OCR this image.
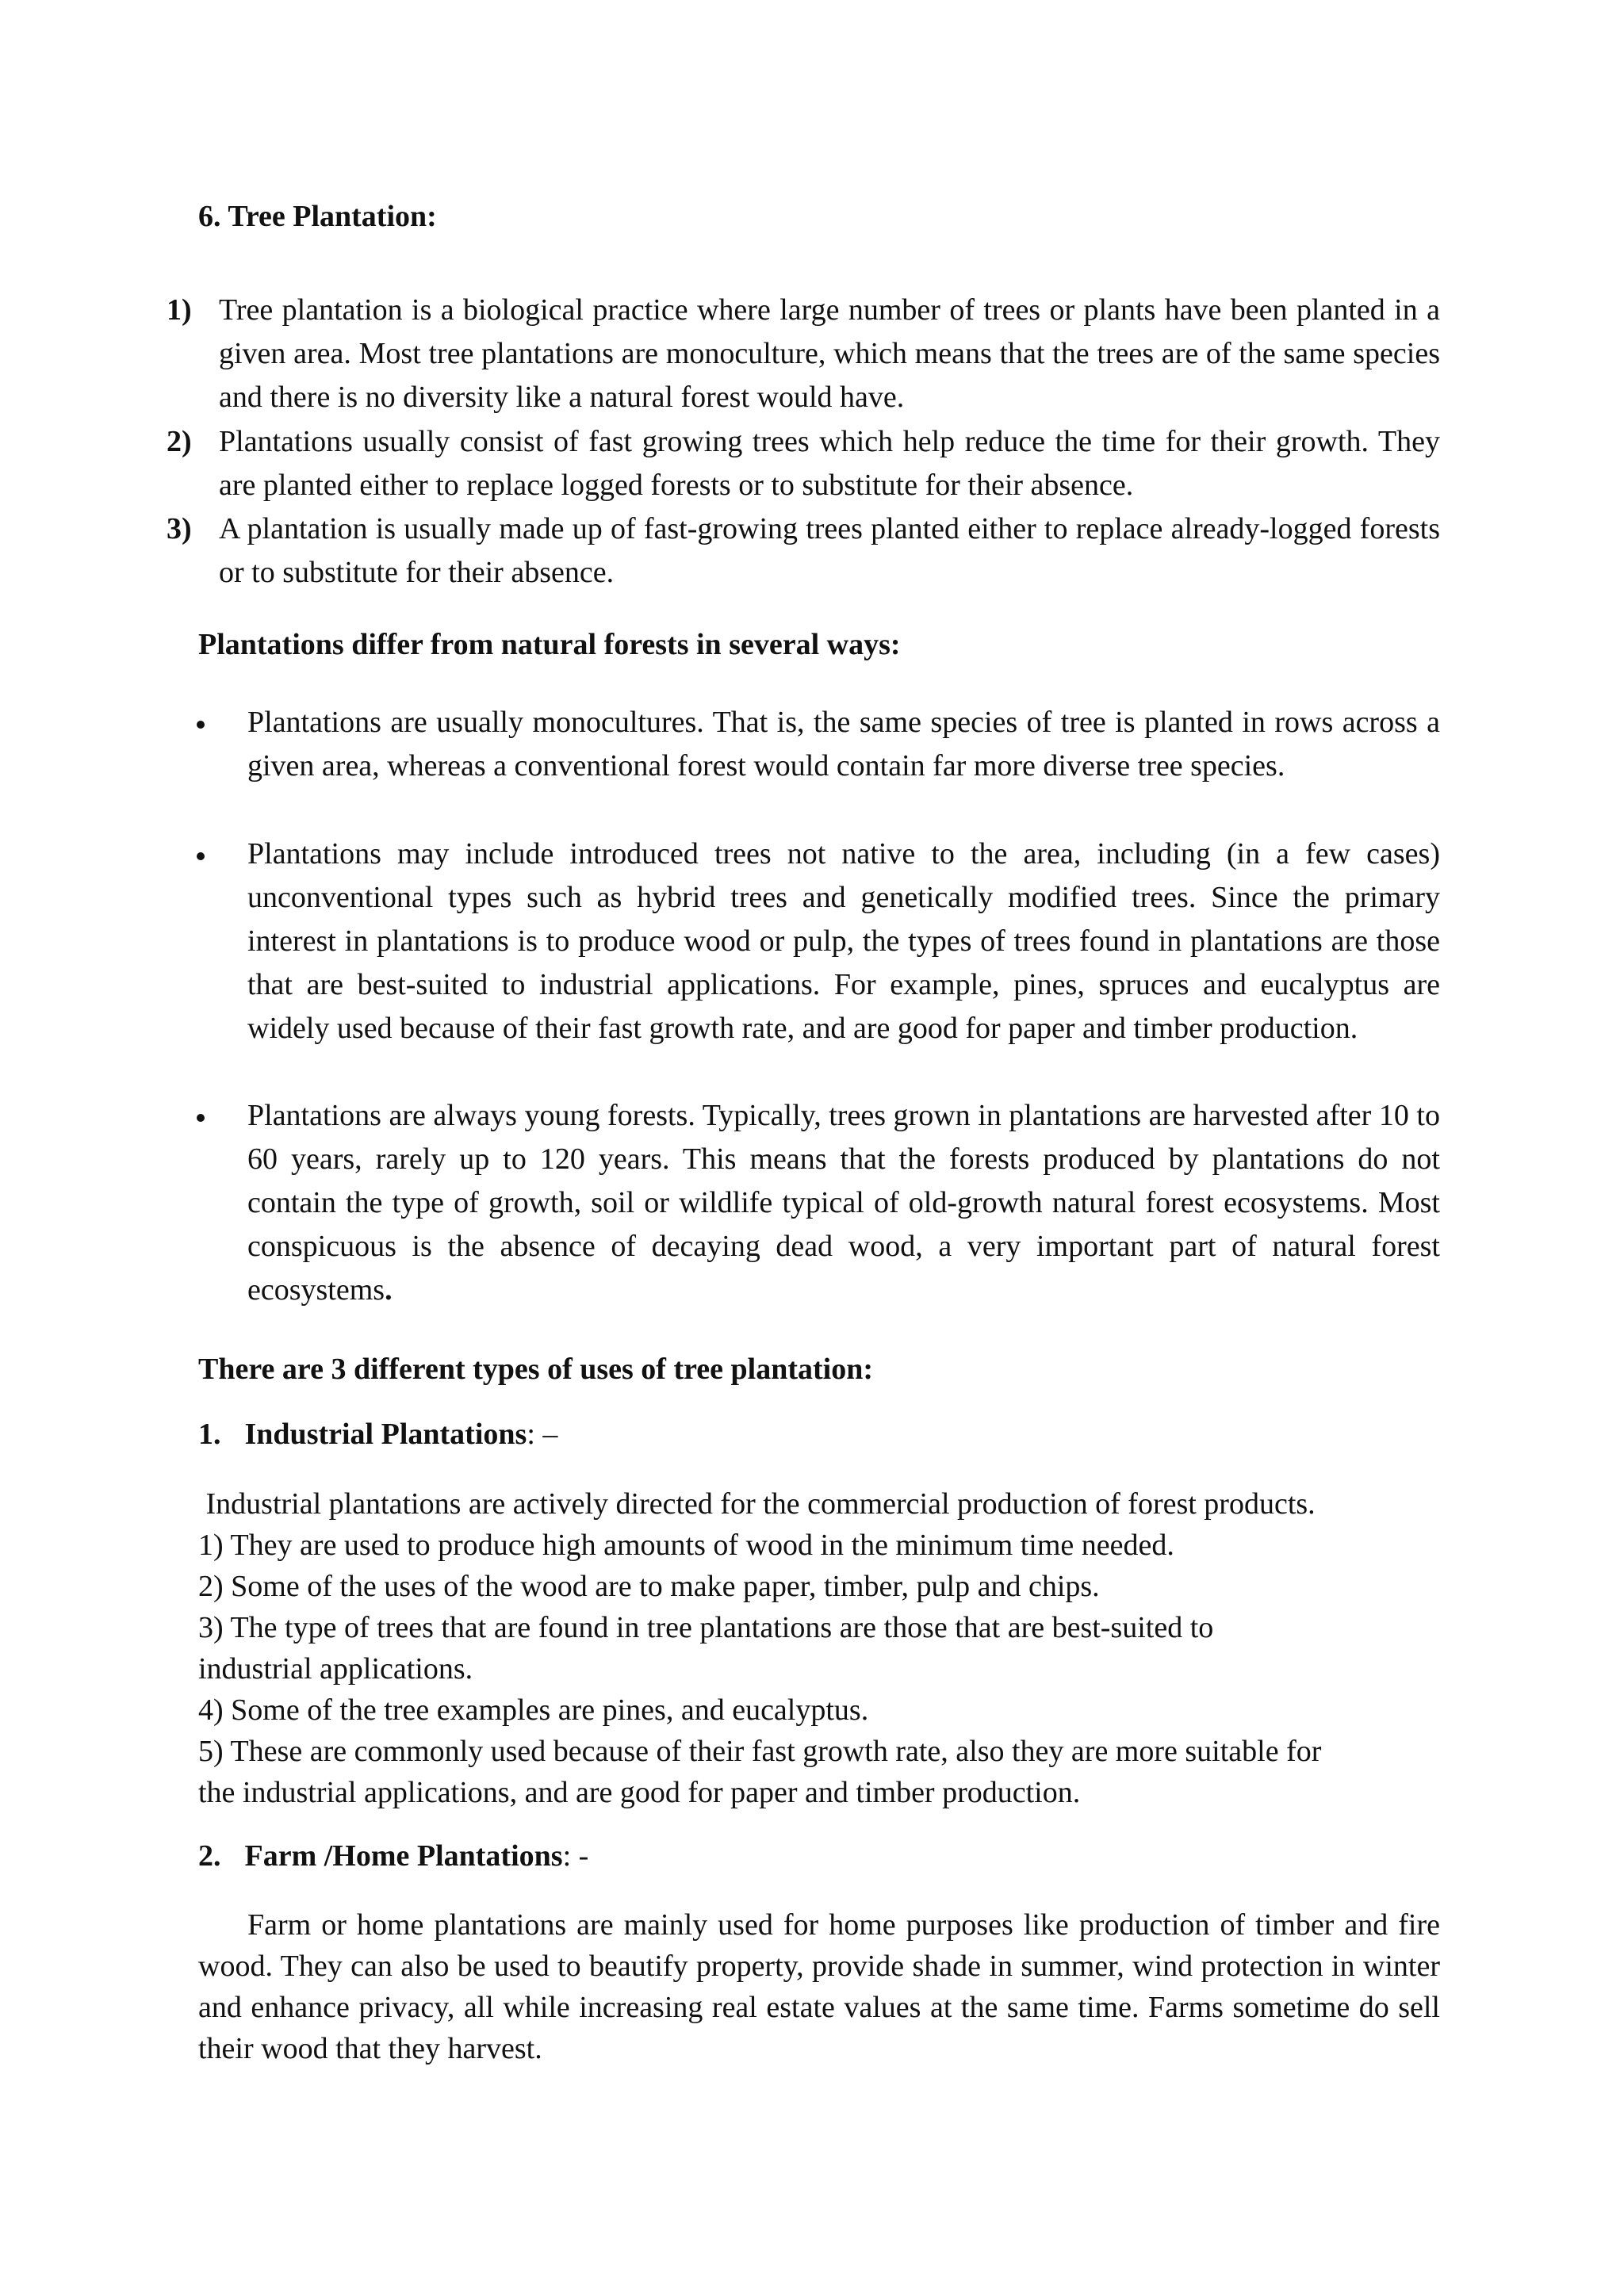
6. Tree Plantation:
1) Tree plantation is a biological practice where large number of trees or plants have been planted in a given area. Most tree plantations are monoculture, which means that the trees are of the same species and there is no diversity like a natural forest would have.
2) Plantations usually consist of fast growing trees which help reduce the time for their growth. They are planted either to replace logged forests or to substitute for their absence.
3) A plantation is usually made up of fast-growing trees planted either to replace already-logged forests or to substitute for their absence.
Plantations differ from natural forests in several ways:
Plantations are usually monocultures. That is, the same species of tree is planted in rows across a given area, whereas a conventional forest would contain far more diverse tree species.
Plantations may include introduced trees not native to the area, including (in a few cases) unconventional types such as hybrid trees and genetically modified trees. Since the primary interest in plantations is to produce wood or pulp, the types of trees found in plantations are those that are best-suited to industrial applications. For example, pines, spruces and eucalyptus are widely used because of their fast growth rate, and are good for paper and timber production.
Plantations are always young forests. Typically, trees grown in plantations are harvested after 10 to 60 years, rarely up to 120 years. This means that the forests produced by plantations do not contain the type of growth, soil or wildlife typical of old-growth natural forest ecosystems. Most conspicuous is the absence of decaying dead wood, a very important part of natural forest ecosystems.
There are 3 different types of uses of tree plantation:
1. Industrial Plantations: –
Industrial plantations are actively directed for the commercial production of forest products.
1) They are used to produce high amounts of wood in the minimum time needed.
2) Some of the uses of the wood are to make paper, timber, pulp and chips.
3) The type of trees that are found in tree plantations are those that are best-suited to
industrial applications.
4) Some of the tree examples are pines, and eucalyptus.
5) These are commonly used because of their fast growth rate, also they are more suitable for
the industrial applications, and are good for paper and timber production.
2. Farm /Home Plantations: -
Farm or home plantations are mainly used for home purposes like production of timber and fire wood. They can also be used to beautify property, provide shade in summer, wind protection in winter and enhance privacy, all while increasing real estate values at the same time. Farms sometime do sell their wood that they harvest.
